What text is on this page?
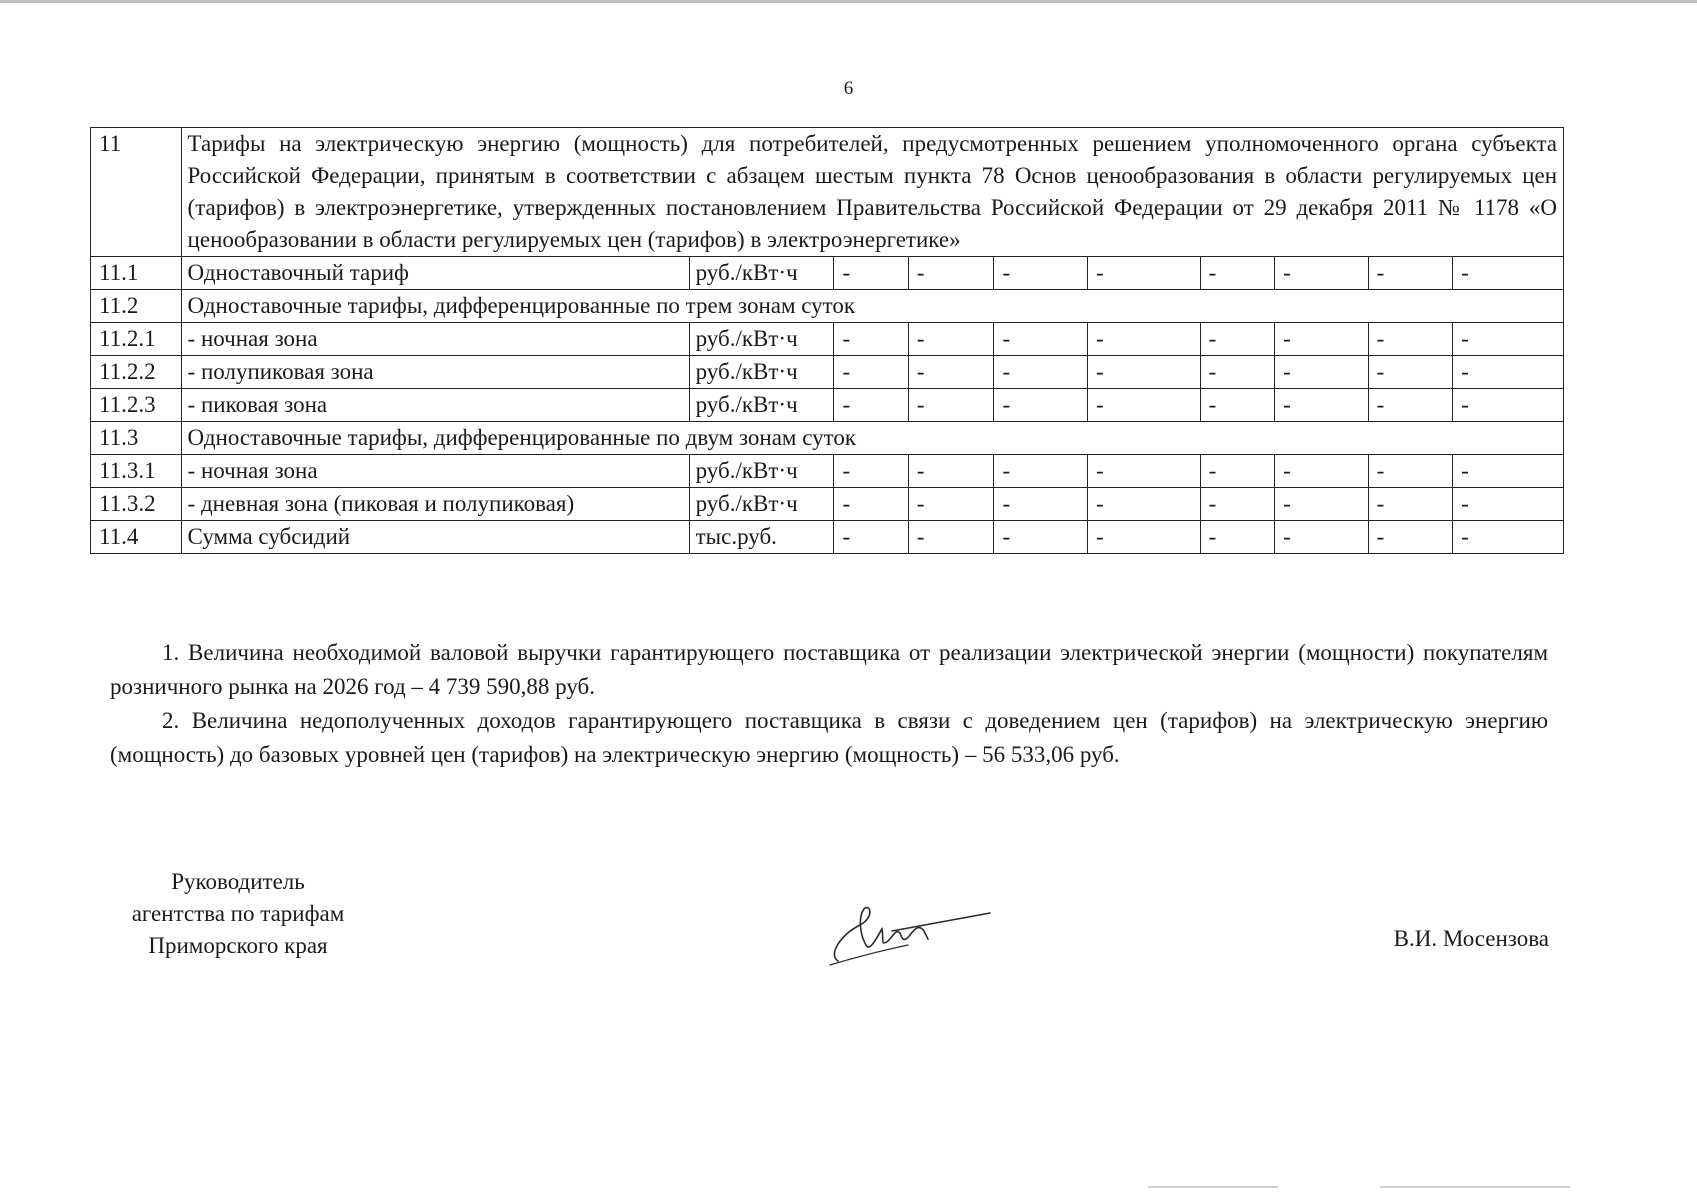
6
11	Тарифы на электрическую энергию (мощность) для потребителей, предусмотренных решением уполномоченного органа субъекта Российской Федерации, принятым в соответствии с абзацем шестым пункта 78 Основ ценообразования в области регулируемых цен (тарифов) в электроэнергетике, утвержденных постановлением Правительства Российской Федерации от 29 декабря 2011 № 1178 «О ценообразовании в области регулируемых цен (тарифов) в электроэнергетике»									
11.1	Одноставочный тариф	руб./кВт·ч	-	-	-	-	-	-	-	-
11.2	Одноставочные тарифы, дифференцированные по трем зонам суток									
11.2.1	- ночная зона	руб./кВт·ч	-	-	-	-	-	-	-	-
11.2.2	- полупиковая зона	руб./кВт·ч	-	-	-	-	-	-	-	-
11.2.3	- пиковая зона	руб./кВт·ч	-	-	-	-	-	-	-	-
11.3	Одноставочные тарифы, дифференцированные по двум зонам суток									
11.3.1	- ночная зона	руб./кВт·ч	-	-	-	-	-	-	-	-
11.3.2	- дневная зона (пиковая и полупиковая)	руб./кВт·ч	-	-	-	-	-	-	-	-
11.4	Сумма субсидий	тыс.руб.	-	-	-	-	-	-	-	-

1. Величина необходимой валовой выручки гарантирующего поставщика от реализации электрической энергии (мощности) покупателям розничного рынка на 2026 год – 4 739 590,88 руб.

2. Величина недополученных доходов гарантирующего поставщика в связи с доведением цен (тарифов) на электрическую энергию (мощность) до базовых уровней цен (тарифов) на электрическую энергию (мощность) – 56 533,06 руб.

Руководитель
агентства по тарифам
Приморского края	В.И. Мосензова
